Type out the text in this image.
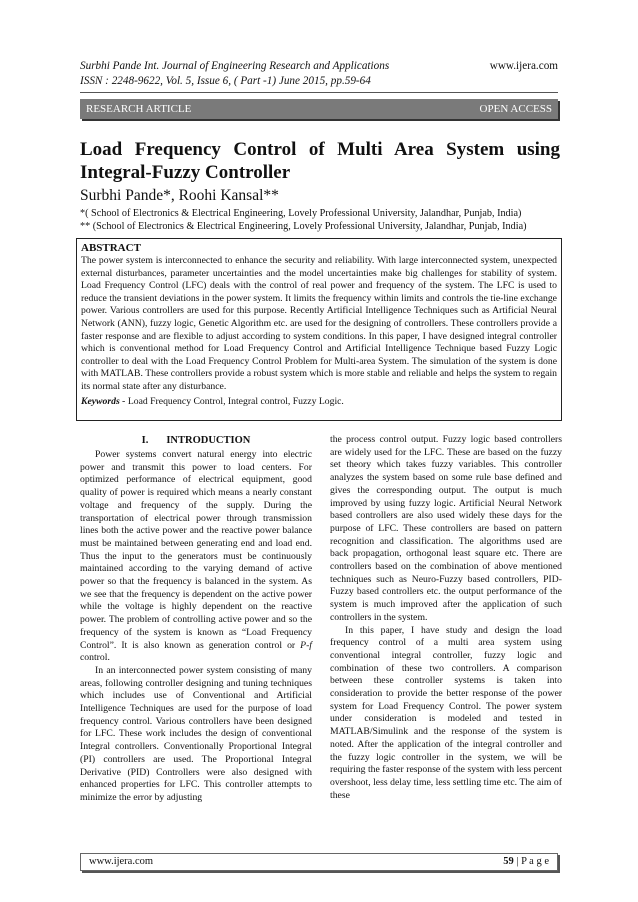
Surbhi Pande Int. Journal of Engineering Research and Applications
ISSN : 2248-9622, Vol. 5, Issue 6, ( Part -1) June 2015, pp.59-64
www.ijera.com
RESEARCH ARTICLE	OPEN ACCESS
Load Frequency Control of Multi Area System using Integral-Fuzzy Controller
Surbhi Pande*, Roohi Kansal**
*( School of Electronics & Electrical Engineering, Lovely Professional University, Jalandhar, Punjab, India)
** (School of Electronics & Electrical Engineering, Lovely Professional University, Jalandhar, Punjab, India)
ABSTRACT

The power system is interconnected to enhance the security and reliability. With large interconnected system, unexpected external disturbances, parameter uncertainties and the model uncertainties make big challenges for stability of system. Load Frequency Control (LFC) deals with the control of real power and frequency of the system. The LFC is used to reduce the transient deviations in the power system. It limits the frequency within limits and controls the tie-line exchange power. Various controllers are used for this purpose. Recently Artificial Intelligence Techniques such as Artificial Neural Network (ANN), fuzzy logic, Genetic Algorithm etc. are used for the designing of controllers. These controllers provide a faster response and are flexible to adjust according to system conditions. In this paper, I have designed integral controller which is conventional method for Load Frequency Control and Artificial Intelligence Technique based Fuzzy Logic controller to deal with the Load Frequency Control Problem for Multi-area System. The simulation of the system is done with MATLAB. These controllers provide a robust system which is more stable and reliable and helps the system to regain its normal state after any disturbance.

Keywords - Load Frequency Control, Integral control, Fuzzy Logic.
I. INTRODUCTION

Power systems convert natural energy into electric power and transmit this power to load centers. For optimized performance of electrical equipment, good quality of power is required which means a nearly constant voltage and frequency of the supply. During the transportation of electrical power through transmission lines both the active power and the reactive power balance must be maintained between generating end and load end. Thus the input to the generators must be continuously maintained according to the varying demand of active power so that the frequency is balanced in the system. As we see that the frequency is dependent on the active power while the voltage is highly dependent on the reactive power. The problem of controlling active power and so the frequency of the system is known as “Load Frequency Control”. It is also known as generation control or P-f control.

In an interconnected power system consisting of many areas, following controller designing and tuning techniques which includes use of Conventional and Artificial Intelligence Techniques are used for the purpose of load frequency control. Various controllers have been designed for LFC. These work includes the design of conventional Integral controllers. Conventionally Proportional Integral (PI) controllers are used. The Proportional Integral Derivative (PID) Controllers were also designed with enhanced properties for LFC. This controller attempts to minimize the error by adjusting

the process control output. Fuzzy logic based controllers are widely used for the LFC. These are based on the fuzzy set theory which takes fuzzy variables. This controller analyzes the system based on some rule base defined and gives the corresponding output. The output is much improved by using fuzzy logic. Artificial Neural Network based controllers are also used widely these days for the purpose of LFC. These controllers are based on pattern recognition and classification. The algorithms used are back propagation, orthogonal least square etc. There are controllers based on the combination of above mentioned techniques such as Neuro-Fuzzy based controllers, PID-Fuzzy based controllers etc. the output performance of the system is much improved after the application of such controllers in the system.

In this paper, I have study and design the load frequency control of a multi area system using conventional integral controller, fuzzy logic and combination of these two controllers. A comparison between these controller systems is taken into consideration to provide the better response of the power system for Load Frequency Control. The power system under consideration is modeled and tested in MATLAB/Simulink and the response of the system is noted. After the application of the integral controller and the fuzzy logic controller in the system, we will be requiring the faster response of the system with less percent overshoot, less delay time, less settling time etc. The aim of these

www.ijera.com	59 | P a g e
